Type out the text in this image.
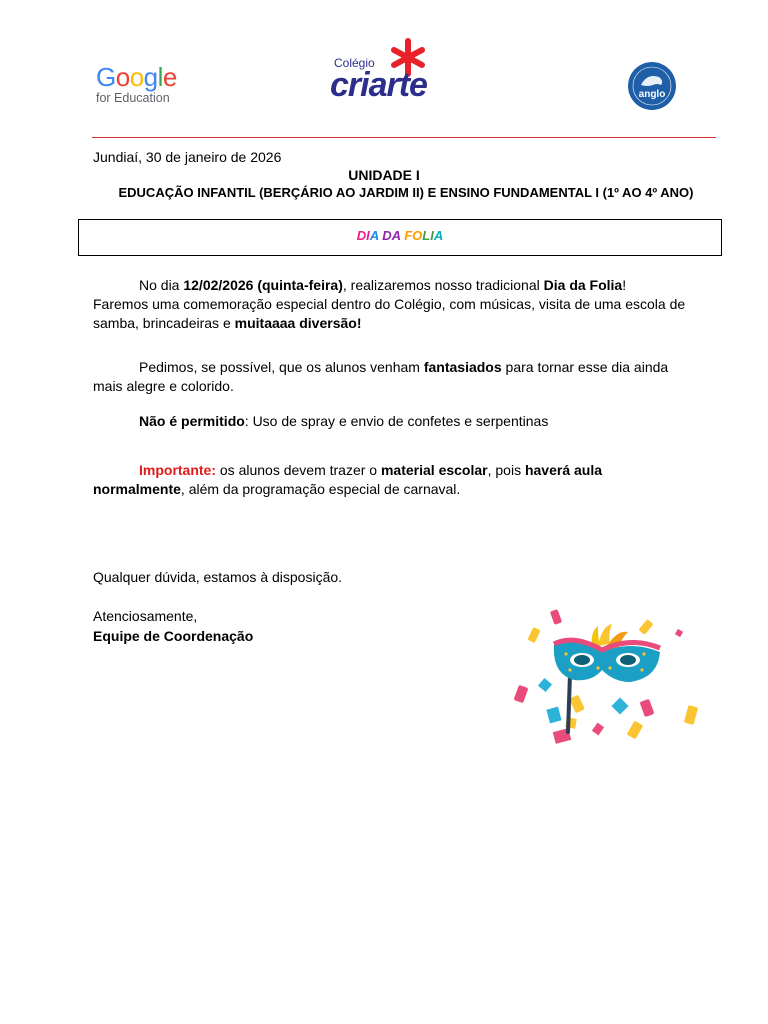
Google
for Education
Colégio
criarte	anglo
Jundiaí, 30 de janeiro de 2026
UNIDADE I
EDUCAÇÃO INFANTIL (BERÇÁRIO AO JARDIM II) E ENSINO FUNDAMENTAL I (1º AO 4º ANO)
DIA DA FOLIA
No dia 12/02/2026 (quinta-feira), realizaremos nosso tradicional Dia da Folia!
Faremos uma comemoração especial dentro do Colégio, com músicas, visita de uma escola de samba, brincadeiras e muitaaaa diversão!
Pedimos, se possível, que os alunos venham fantasiados para tornar esse dia ainda mais alegre e colorido.
Não é permitido: Uso de spray e envio de confetes e serpentinas
Importante: os alunos devem trazer o material escolar, pois haverá aula normalmente, além da programação especial de carnaval.
Qualquer dúvida, estamos à disposição.
Atenciosamente,
Equipe de Coordenação
